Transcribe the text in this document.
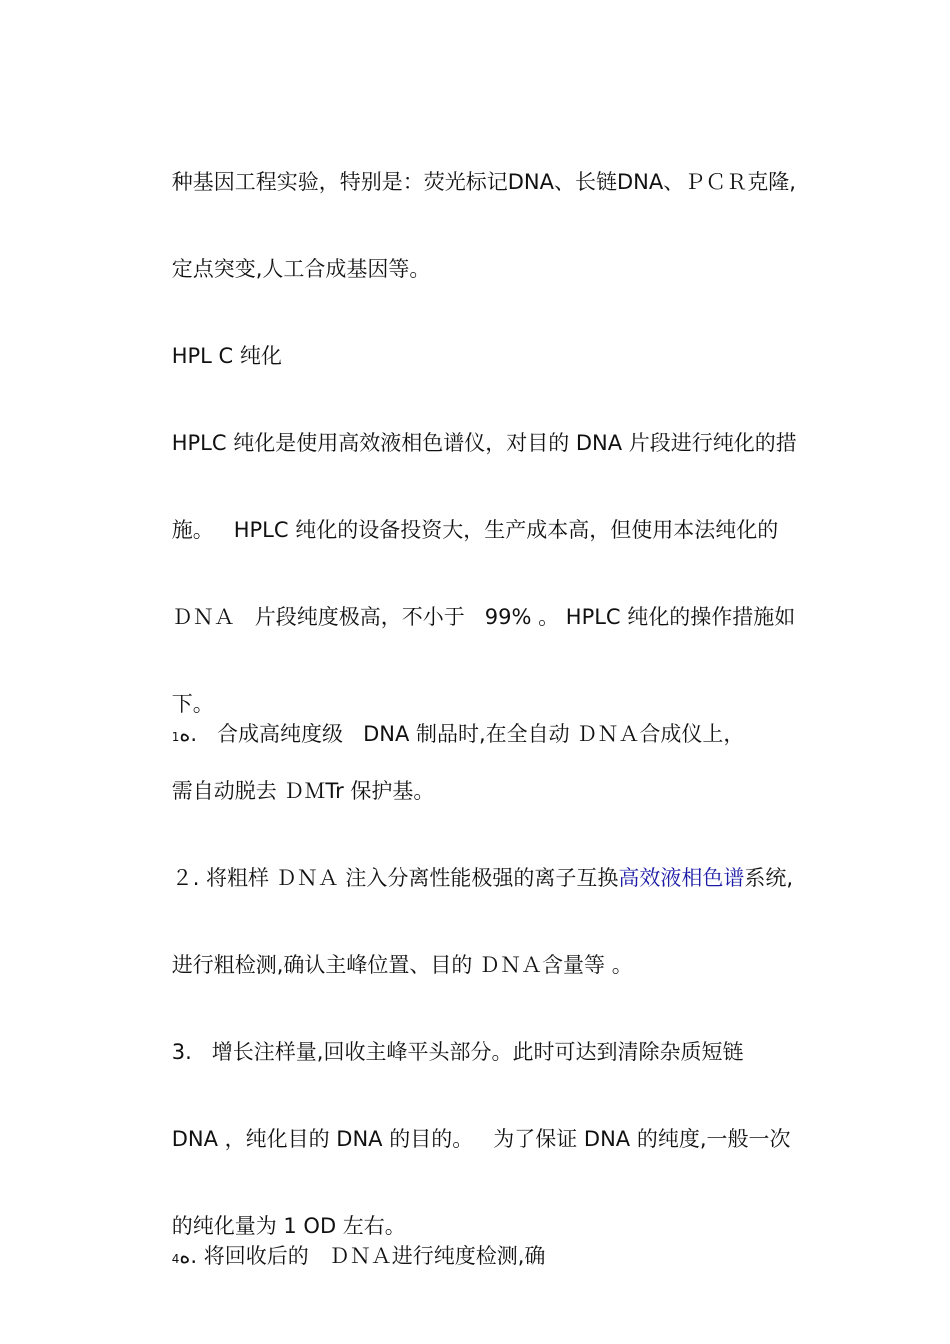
种基因工程实验，特别是：荧光标记DNA、长链DNA、ＰＣＲ克隆,

定点突变,人工合成基因等。

HPL C 纯化

HPLC 纯化是使用高效液相色谱仪，对目的 DNA 片段进行纯化的措

施。   HPLC 纯化的设备投资大，生产成本高，但使用本法纯化的

ＤＮＡ   片段纯度极高，不小于   99% 。 HPLC 纯化的操作措施如

下。
1ﻩ.   合成高纯度级   DNA 制品时,在全自动 ＤＮＡ合成仪上，

需自动脱去 ＤＭTr 保护基。

２. 将粗样 ＤＮＡ 注入分离性能极强的离子互换高效液相色谱系统,

进行粗检测,确认主峰位置、目的 ＤＮＡ含量等 。

3.   增长注样量,回收主峰平头部分。此时可达到清除杂质短链

DNA ，纯化目的 DNA 的目的。   为了保证 DNA 的纯度,一般一次

的纯化量为 1 OD 左右。
4ﻩ. 将回收后的   ＤＮＡ进行纯度检测,确
